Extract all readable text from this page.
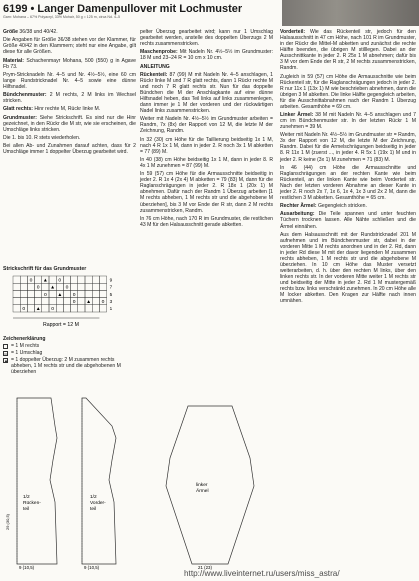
6199 • Langer Damenpullover mit Lochmuster
Garn: Mohana – 67% Polyacryl, 33% Mohair, 50 g = 125 m, circa Nd. 4–5

Größe 36/38 und 40/42.

Die Angaben für Größe 36/38 stehen vor der Klammer, für Größe 40/42 in den Klammern; steht nur eine Angabe, gilt diese für alle Größen.

Material: Schachenmayr Mohana, 500 (550) g in Agave Fb 73.

Prym-Stricknadeln Nr. 4–5 und Nr. 4½–5½, eine 60 cm lange Rundstricknadel Nr. 4–5 sowie eine dünne Hilfsnadel.

Bündchenmuster: 2 M rechts, 2 M links im Wechsel stricken.

Glatt rechts: Hinr rechte M, Rückr linke M.

Grundmuster: Siehe Strickschrift. Es sind nur die Hinr gezeichnet, in den Rückr die M str, wie sie erscheinen, die Umschläge links stricken.

Die 1. bis 10. R stets wiederholen.

Bei allen Ab- und Zunahmen darauf achten, dass für 2 Umschläge immer 1 doppelter Überzug gearbeitet wird.

Strickschrift für das Grundmuster
o ▲ o
o ▲ o
o ▲ o
o ▲ o
o ▲ o
9
7
5
3
1
Rapport = 12 M
Zeichenerklärung
= 1 M rechts
o = 1 Umschlag
▲ = 1 doppelter Überzug: 2 M zusammen rechts abheben, 1 M rechts str und die abgehobenen M überziehen

pelter Überzug gearbeitet wird; kann nur 1 Umschlag gearbeitet werden, anstelle des doppelten Überzugs 2 M rechts zusammenstricken.

Maschenprobe: Mit Nadeln Nr. 4½–5½ im Grundmuster: 18 M und 23–24 R = 10 cm x 10 cm.

ANLEITUNG

Rückenteil: 87 (99) M mit Nadeln Nr. 4–5 anschlagen, 1 Rückr linke M und 7 R glatt rechts, dann 1 Rückr rechte M und noch 7 R glatt rechts str. Nun für das doppelte Bündchen die M der Anschlagkante auf eine dünne Hilfsnadel heben, das Teil links auf links zusammenlegen, dann immer je 1 M der vorderen und der rückwärtigen Nadel links zusammenstricken.

Weiter mit Nadeln Nr. 4½–5½ im Grundmuster arbeiten = Randm, 7x (8x) der Rapport von 12 M, die letzte M der Zeichnung, Randm.

In 32 (30) cm Höhe für die Taillierung beidseitig 1x 1 M, nach 4 R 1x 1 M, dann in jeder 2. R noch 3x 1 M abketten = 77 (89) M.

In 40 (38) cm Höhe beidseitig 1x 1 M, dann in jeder 8. R 4x 1 M zunehmen = 87 (99) M.

In 59 (57) cm Höhe für die Armausschnitte beidseitig in jeder 2. R 1x 4 (2x 4) M abketten = 79 (83) M, dann für die Raglanschrägungen in jeder 2. R 18x 1 (20x 1) M abnehmen. Dafür nach der Randm 1 Überzug arbeiten [1 M rechts abheben, 1 M rechts str und die abgehobene M überziehen], bis 3 M vor Ende der R str, dann 2 M rechts zusammenstricken, Randm.

In 76 cm Höhe, nach 170 R im Grundmuster, die restlichen 43 M für den Halsausschnitt gerade abketten.

Vorderteil: Wie das Rückenteil str, jedoch für den Halsausschnitt in 47 cm Höhe, nach 101 R im Grundmuster, in der Rückr die Mittel-M abketten und zunächst die rechte Hälfte beenden, die übrigen M stilllegen. Dabei an der Ausschnittkante in jeder 2. R 25x 1 M abnehmen; dafür bis 3 M vor dem Ende der R str, 2 M rechts zusammenstricken, Randm.

Zugleich in 59 (57) cm Höhe die Armausschnitte wie beim Rückenteil str, für die Raglanschrägungen jedoch in jeder 2. R nur 11x 1 (13x 1) M wie beschrieben abnehmen, dann die übrigen 3 M abketten. Die linke Hälfte gegengleich arbeiten, für die Ausschnittabnahmen nach der Randm 1 Überzug arbeiten. Gesamthöhe = 69 cm.

Linker Ärmel: 38 M mit Nadeln Nr. 4–5 anschlagen und 7 cm im Bündchenmuster str. In der letzten Rückr 1 M zunehmen = 39 M.

Weiter mit Nadeln Nr. 4½–5½ im Grundmuster str = Randm, 3x der Rapport von 12 M, die letzte M der Zeichnung, Randm. Dabei für die Armelschrägungen beidseitig in jeder 8. R 11x 1 M (zuerst ..., in jeder 4. R 5x 1 (19x 1) M und in jeder 2. R keine (3x 1) M zunehmen = 71 (83) M.

In 46 (44) cm Höhe die Armausschnitte und Raglanschrägungen an der rechten Kante wie beim Rückenteil, an der linken Kante wie beim Vorderteil str. Nach der letzten vorderen Abnahme an dieser Kante in jeder 2. R noch 2x 7, 1x 6, 1x 4, 1x 3 und 2x 2 M, dann die restlichen 3 M abketten. Gesamthöhe = 65 cm.

Rechter Ärmel: Gegengleich stricken.

Ausarbeitung: Die Teile spannen und unter feuchten Tüchern trocknen lassen. Alle Nähte schließen und die Ärmel einnähen.

Aus dem Halsausschnitt mit der Rundstricknadel 201 M aufnehmen und im Bündchenmuster str, dabei in der vorderen Mitte 1 M rechts anordnen und in der 2. Rd, dann in jeder Rd diese M mit der davor liegenden M zusammen rechts abheben, 1 M rechts str und die abgehobene M überziehen. In 10 cm Höhe das Muster versetzt weiterarbeiten, d. h. über den rechten M links, über den linken rechts str. In der vorderen Mitte weiter 1 M rechts str und beidseitig der Mitte in jeder 2. Rd 1 M mustergemäß rechts bzw. links verschränkt zunehmen. In 20 cm Höhe alle M locker abketten. Den Kragen zur Hälfte nach innen umnähen.

1/2
Rücken-
teil
9 (10,5)
29 (30,5)
1/2
Vorder-
teil
9 (10,5)
linker
Ärmel
21 (23)
http://www.liveinternet.ru/users/miss_astra/
